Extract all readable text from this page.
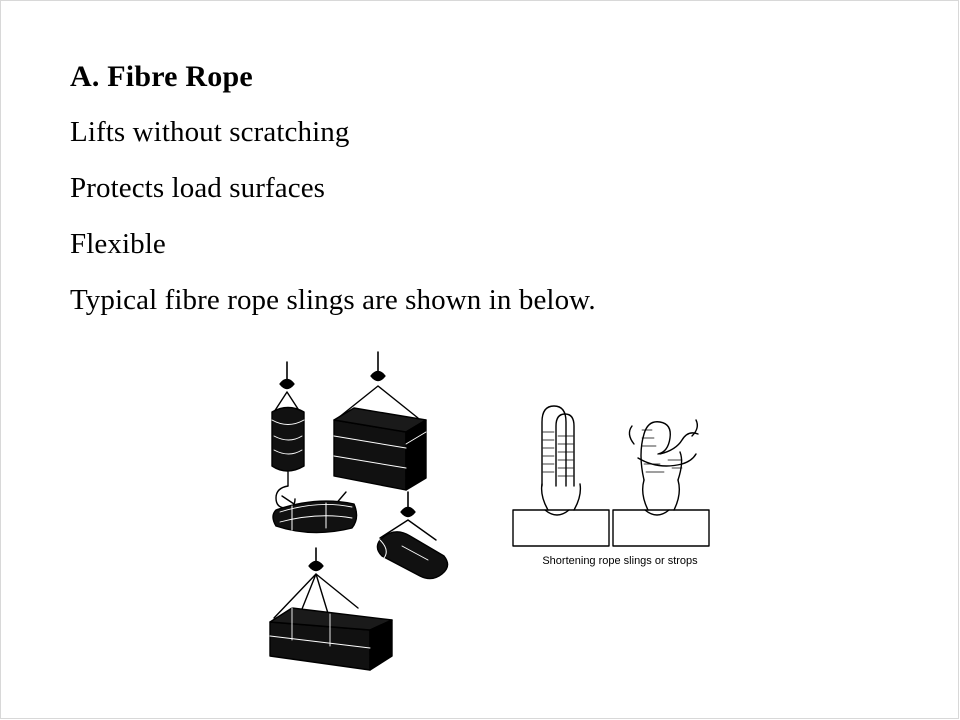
A. Fibre Rope
Lifts without scratching
Protects load surfaces
Flexible
Typical fibre rope slings are shown in below.
Shortening rope slings or strops
